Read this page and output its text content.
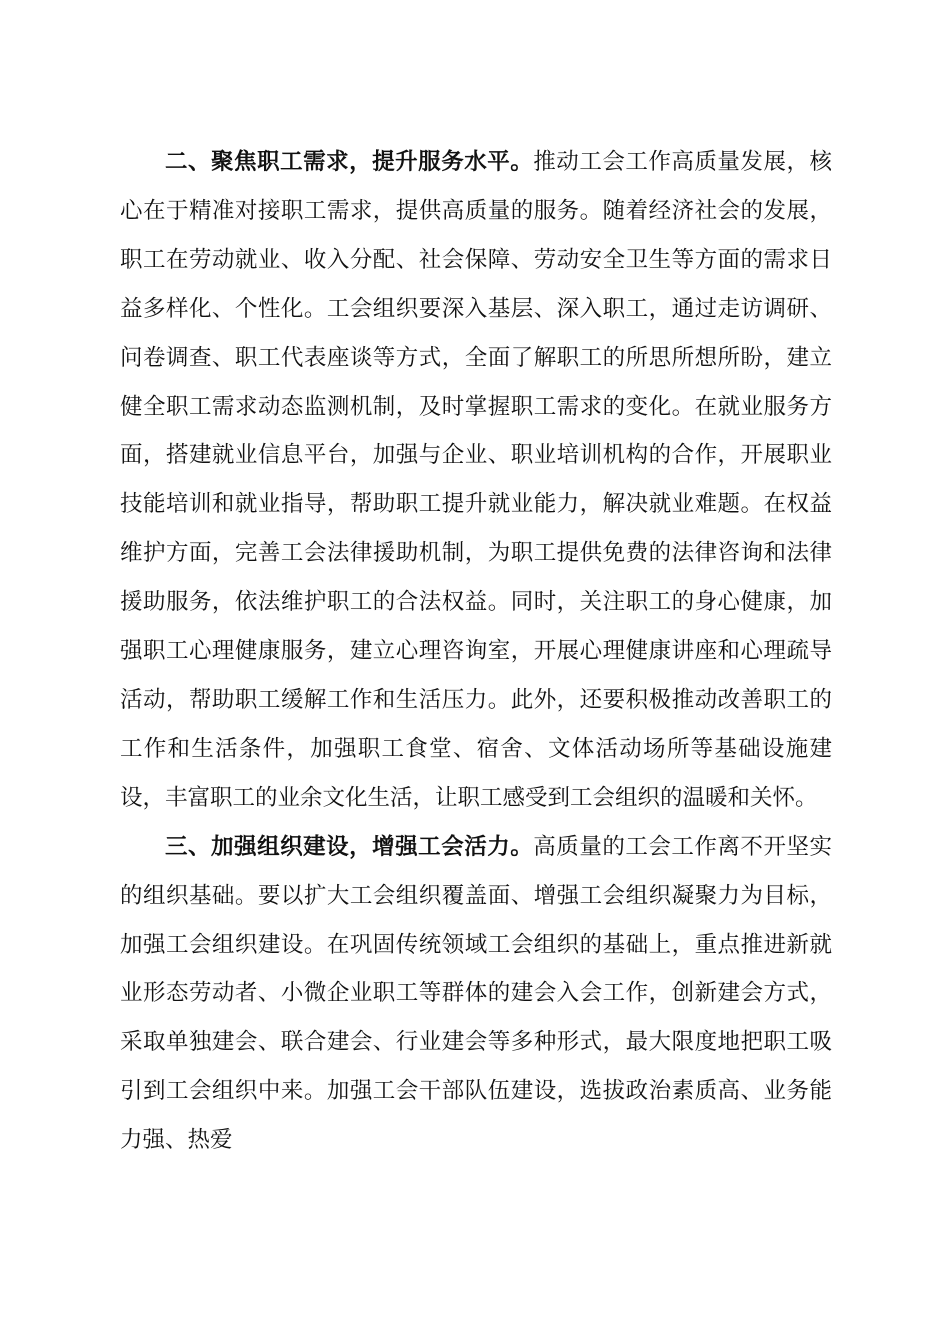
二、聚焦职工需求，提升服务水平。推动工会工作高质量发展，核心在于精准对接职工需求，提供高质量的服务。随着经济社会的发展，职工在劳动就业、收入分配、社会保障、劳动安全卫生等方面的需求日益多样化、个性化。工会组织要深入基层、深入职工，通过走访调研、问卷调查、职工代表座谈等方式，全面了解职工的所思所想所盼，建立健全职工需求动态监测机制，及时掌握职工需求的变化。在就业服务方面，搭建就业信息平台，加强与企业、职业培训机构的合作，开展职业技能培训和就业指导，帮助职工提升就业能力，解决就业难题。在权益维护方面，完善工会法律援助机制，为职工提供免费的法律咨询和法律援助服务，依法维护职工的合法权益。同时，关注职工的身心健康，加强职工心理健康服务，建立心理咨询室，开展心理健康讲座和心理疏导活动，帮助职工缓解工作和生活压力。此外，还要积极推动改善职工的工作和生活条件，加强职工食堂、宿舍、文体活动场所等基础设施建设，丰富职工的业余文化生活，让职工感受到工会组织的温暖和关怀。

三、加强组织建设，增强工会活力。高质量的工会工作离不开坚实的组织基础。要以扩大工会组织覆盖面、增强工会组织凝聚力为目标，加强工会组织建设。在巩固传统领域工会组织的基础上，重点推进新就业形态劳动者、小微企业职工等群体的建会入会工作，创新建会方式，采取单独建会、联合建会、行业建会等多种形式，最大限度地把职工吸引到工会组织中来。加强工会干部队伍建设，选拔政治素质高、业务能力强、热爱
